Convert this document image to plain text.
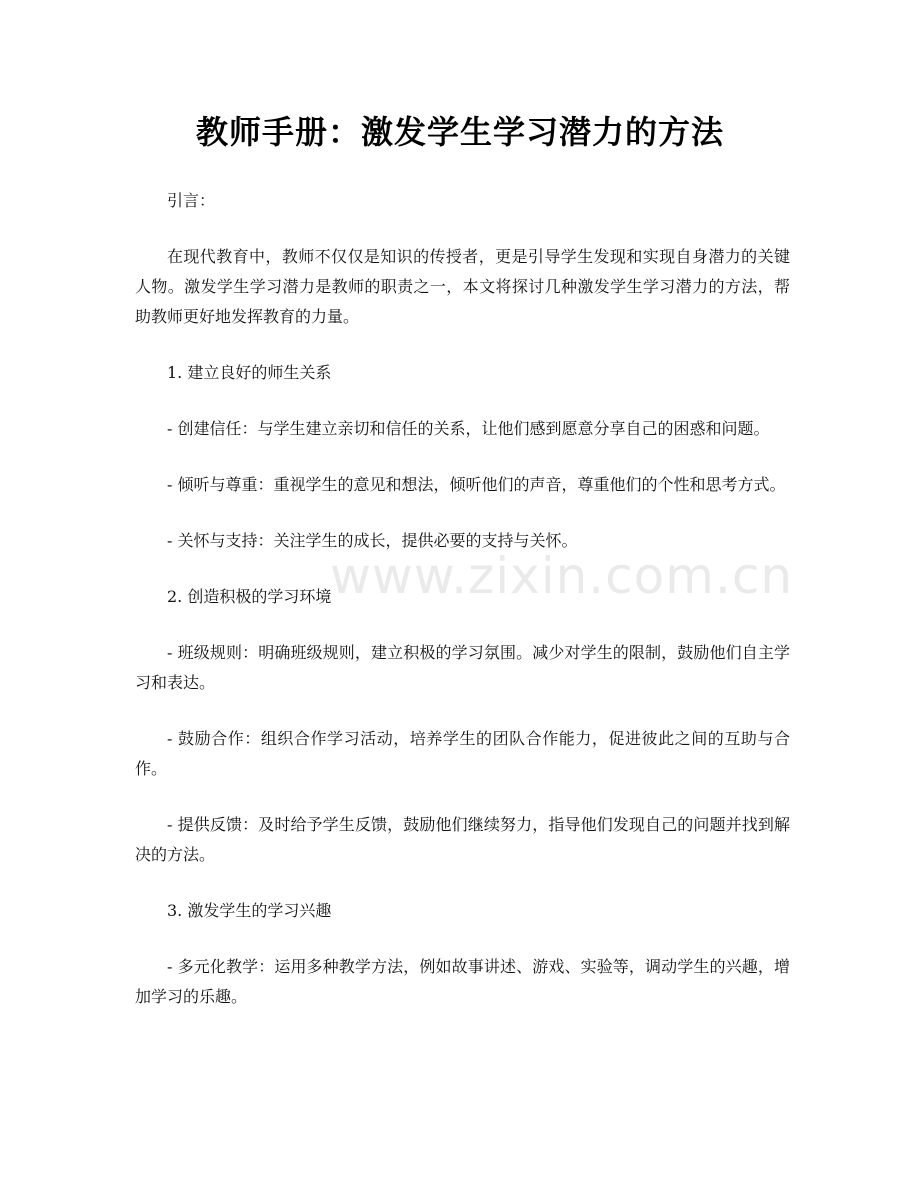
教师手册：激发学生学习潜力的方法

引言：

在现代教育中，教师不仅仅是知识的传授者，更是引导学生发现和实现自身潜力的关键人物。激发学生学习潜力是教师的职责之一，本文将探讨几种激发学生学习潜力的方法，帮助教师更好地发挥教育的力量。

1. 建立良好的师生关系

- 创建信任：与学生建立亲切和信任的关系，让他们感到愿意分享自己的困惑和问题。

- 倾听与尊重：重视学生的意见和想法，倾听他们的声音，尊重他们的个性和思考方式。

- 关怀与支持：关注学生的成长，提供必要的支持与关怀。

2. 创造积极的学习环境

- 班级规则：明确班级规则，建立积极的学习氛围。减少对学生的限制，鼓励他们自主学习和表达。

- 鼓励合作：组织合作学习活动，培养学生的团队合作能力，促进彼此之间的互助与合作。

- 提供反馈：及时给予学生反馈，鼓励他们继续努力，指导他们发现自己的问题并找到解决的方法。

3. 激发学生的学习兴趣

- 多元化教学：运用多种教学方法，例如故事讲述、游戏、实验等，调动学生的兴趣，增加学习的乐趣。

www.zixin.com.cn
